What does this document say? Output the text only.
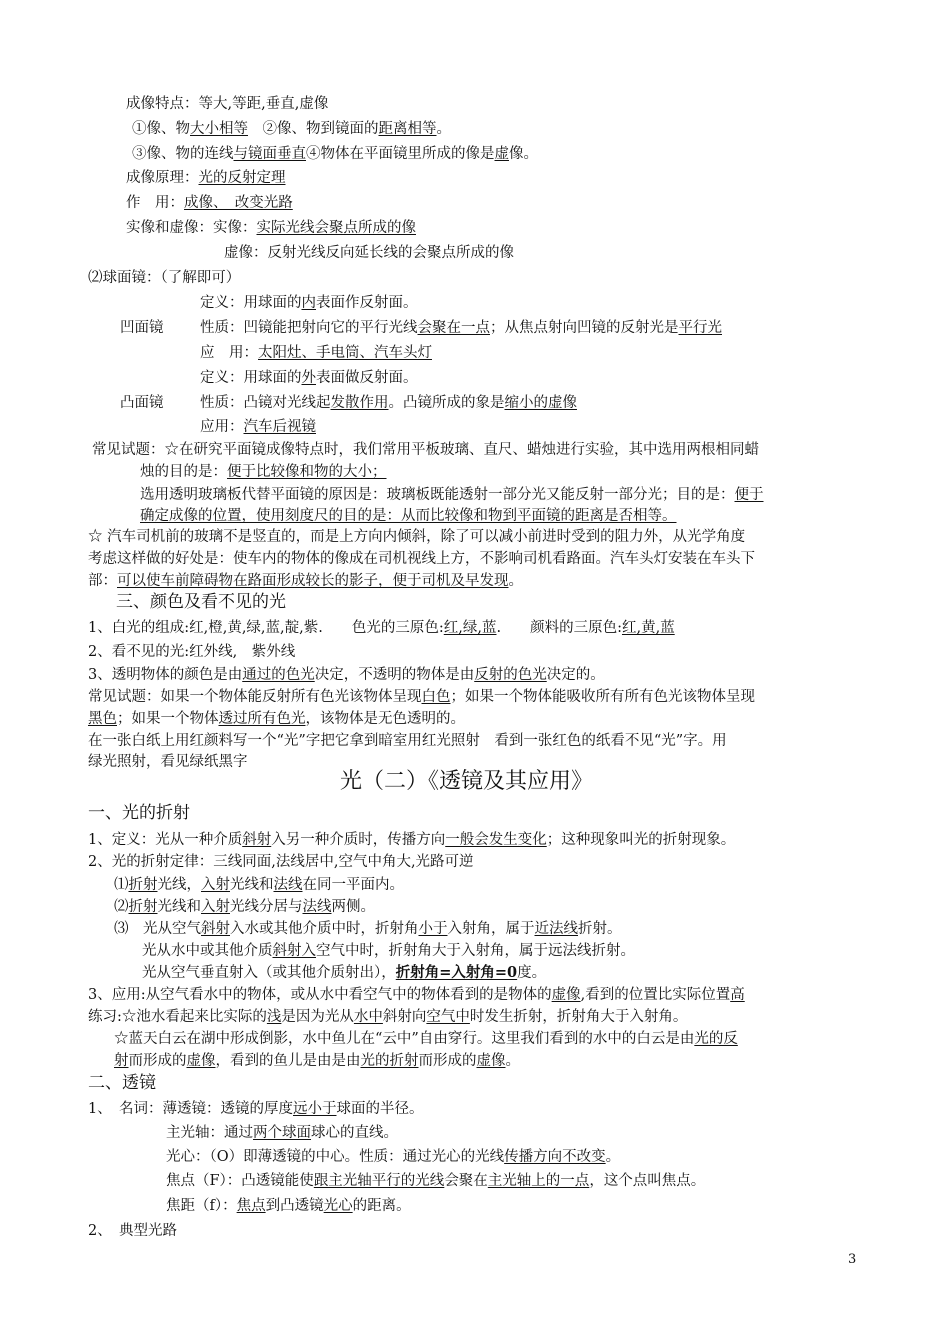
成像特点：等大,等距,垂直,虚像
①像、物大小相等　②像、物到镜面的距离相等。
③像、物的连线与镜面垂直④物体在平面镜里所成的像是虚像。
成像原理：光的反射定理
作　用：成像、　改变光路
实像和虚像：实像：实际光线会聚点所成的像
虚像：反射光线反向延长线的会聚点所成的像
⑵球面镜：（了解即可）
定义：用球面的内表面作反射面。
凹面镜	性质：凹镜能把射向它的平行光线会聚在一点；从焦点射向凹镜的反射光是平行光
应　用：太阳灶、手电筒、汽车头灯
定义：用球面的外表面做反射面。
凸面镜	性质：凸镜对光线起发散作用。凸镜所成的象是缩小的虚像
应用：汽车后视镜
常见试题：☆在研究平面镜成像特点时，我们常用平板玻璃、直尺、蜡烛进行实验，其中选用两根相同蜡
烛的目的是：便于比较像和物的大小；
选用透明玻璃板代替平面镜的原因是：玻璃板既能透射一部分光又能反射一部分光；目的是：便于
确定成像的位置，使用刻度尺的目的是：从而比较像和物到平面镜的距离是否相等。
☆ 汽车司机前的玻璃不是竖直的，而是上方向内倾斜，除了可以减小前进时受到的阻力外，从光学角度
考虑这样做的好处是：使车内的物体的像成在司机视线上方，不影响司机看路面。汽车头灯安装在车头下
部：可以使车前障碍物在路面形成较长的影子，便于司机及早发现。
三、颜色及看不见的光
1、白光的组成:红,橙,黄,绿,蓝,靛,紫.　　色光的三原色:红,绿,蓝.　　颜料的三原色:红,黄,蓝
2、看不见的光:红外线,　紫外线
3、透明物体的颜色是由通过的色光决定，不透明的物体是由反射的色光决定的。
常见试题：如果一个物体能反射所有色光该物体呈现白色；如果一个物体能吸收所有所有色光该物体呈现
黑色；如果一个物体透过所有色光，该物体是无色透明的。
在一张白纸上用红颜料写一个“光”字把它拿到暗室用红光照射　看到一张红色的纸看不见“光”字。用
绿光照射，看见绿纸黑字
光（二）《透镜及其应用》
一、光的折射
1、定义：光从一种介质斜射入另一种介质时，传播方向一般会发生变化；这种现象叫光的折射现象。
2、光的折射定律：三线同面,法线居中,空气中角大,光路可逆
⑴折射光线，入射光线和法线在同一平面内。
⑵折射光线和入射光线分居与法线两侧。
⑶　光从空气斜射入水或其他介质中时，折射角小于入射角，属于近法线折射。
光从水中或其他介质斜射入空气中时，折射角大于入射角，属于远法线折射。
光从空气垂直射入（或其他介质射出），折射角=入射角=0度。
3、应用:从空气看水中的物体，或从水中看空气中的物体看到的是物体的虚像,看到的位置比实际位置高
练习:☆池水看起来比实际的浅是因为光从水中斜射向空气中时发生折射，折射角大于入射角。
☆蓝天白云在湖中形成倒影，水中鱼儿在“云中”自由穿行。这里我们看到的水中的白云是由光的反
射而形成的虚像，看到的鱼儿是由是由光的折射而形成的虚像。
二、透镜
1、　名词：薄透镜：透镜的厚度远小于球面的半径。
主光轴：通过两个球面球心的直线。
光心：（O）即薄透镜的中心。性质：通过光心的光线传播方向不改变。
焦点（F）：凸透镜能使跟主光轴平行的光线会聚在主光轴上的一点，这个点叫焦点。
焦距（f）：焦点到凸透镜光心的距离。
2、　典型光路
3
